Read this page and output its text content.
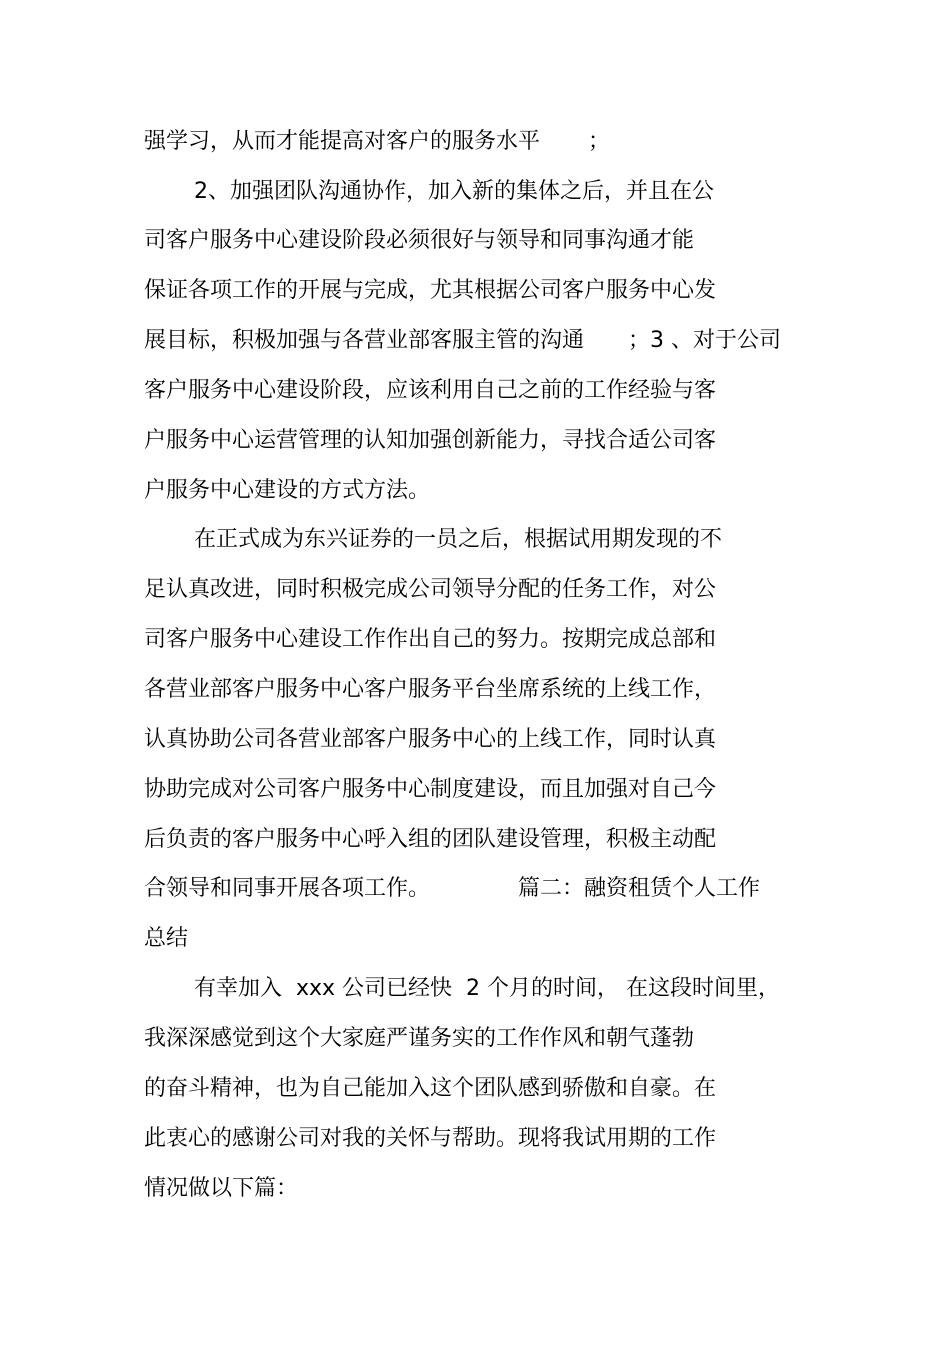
强学习，从而才能提高对客户的服务水平 ；

2、加强团队沟通协作，加入新的集体之后，并且在公

司客户服务中心建设阶段必须很好与领导和同事沟通才能

保证各项工作的开展与完成，尤其根据公司客户服务中心发

展目标，积极加强与各营业部客服主管的沟通 ；3 、对于公司

客户服务中心建设阶段，应该利用自己之前的工作经验与客

户服务中心运营管理的认知加强创新能力，寻找合适公司客

户服务中心建设的方式方法。

在正式成为东兴证券的一员之后，根据试用期发现的不

足认真改进，同时积极完成公司领导分配的任务工作，对公

司客户服务中心建设工作作出自己的努力。按期完成总部和

各营业部客户服务中心客户服务平台坐席系统的上线工作，

认真协助公司各营业部客户服务中心的上线工作，同时认真

协助完成对公司客户服务中心制度建设，而且加强对自己今

后负责的客户服务中心呼入组的团队建设管理，积极主动配

合领导和同事开展各项工作。	篇二：融资租赁个人工作

总结

有幸加入  xxx 公司已经快  2 个月的时间， 在这段时间里，

我深深感觉到这个大家庭严谨务实的工作作风和朝气蓬勃

的奋斗精神，也为自己能加入这个团队感到骄傲和自豪。在

此衷心的感谢公司对我的关怀与帮助。现将我试用期的工作

情况做以下篇：
